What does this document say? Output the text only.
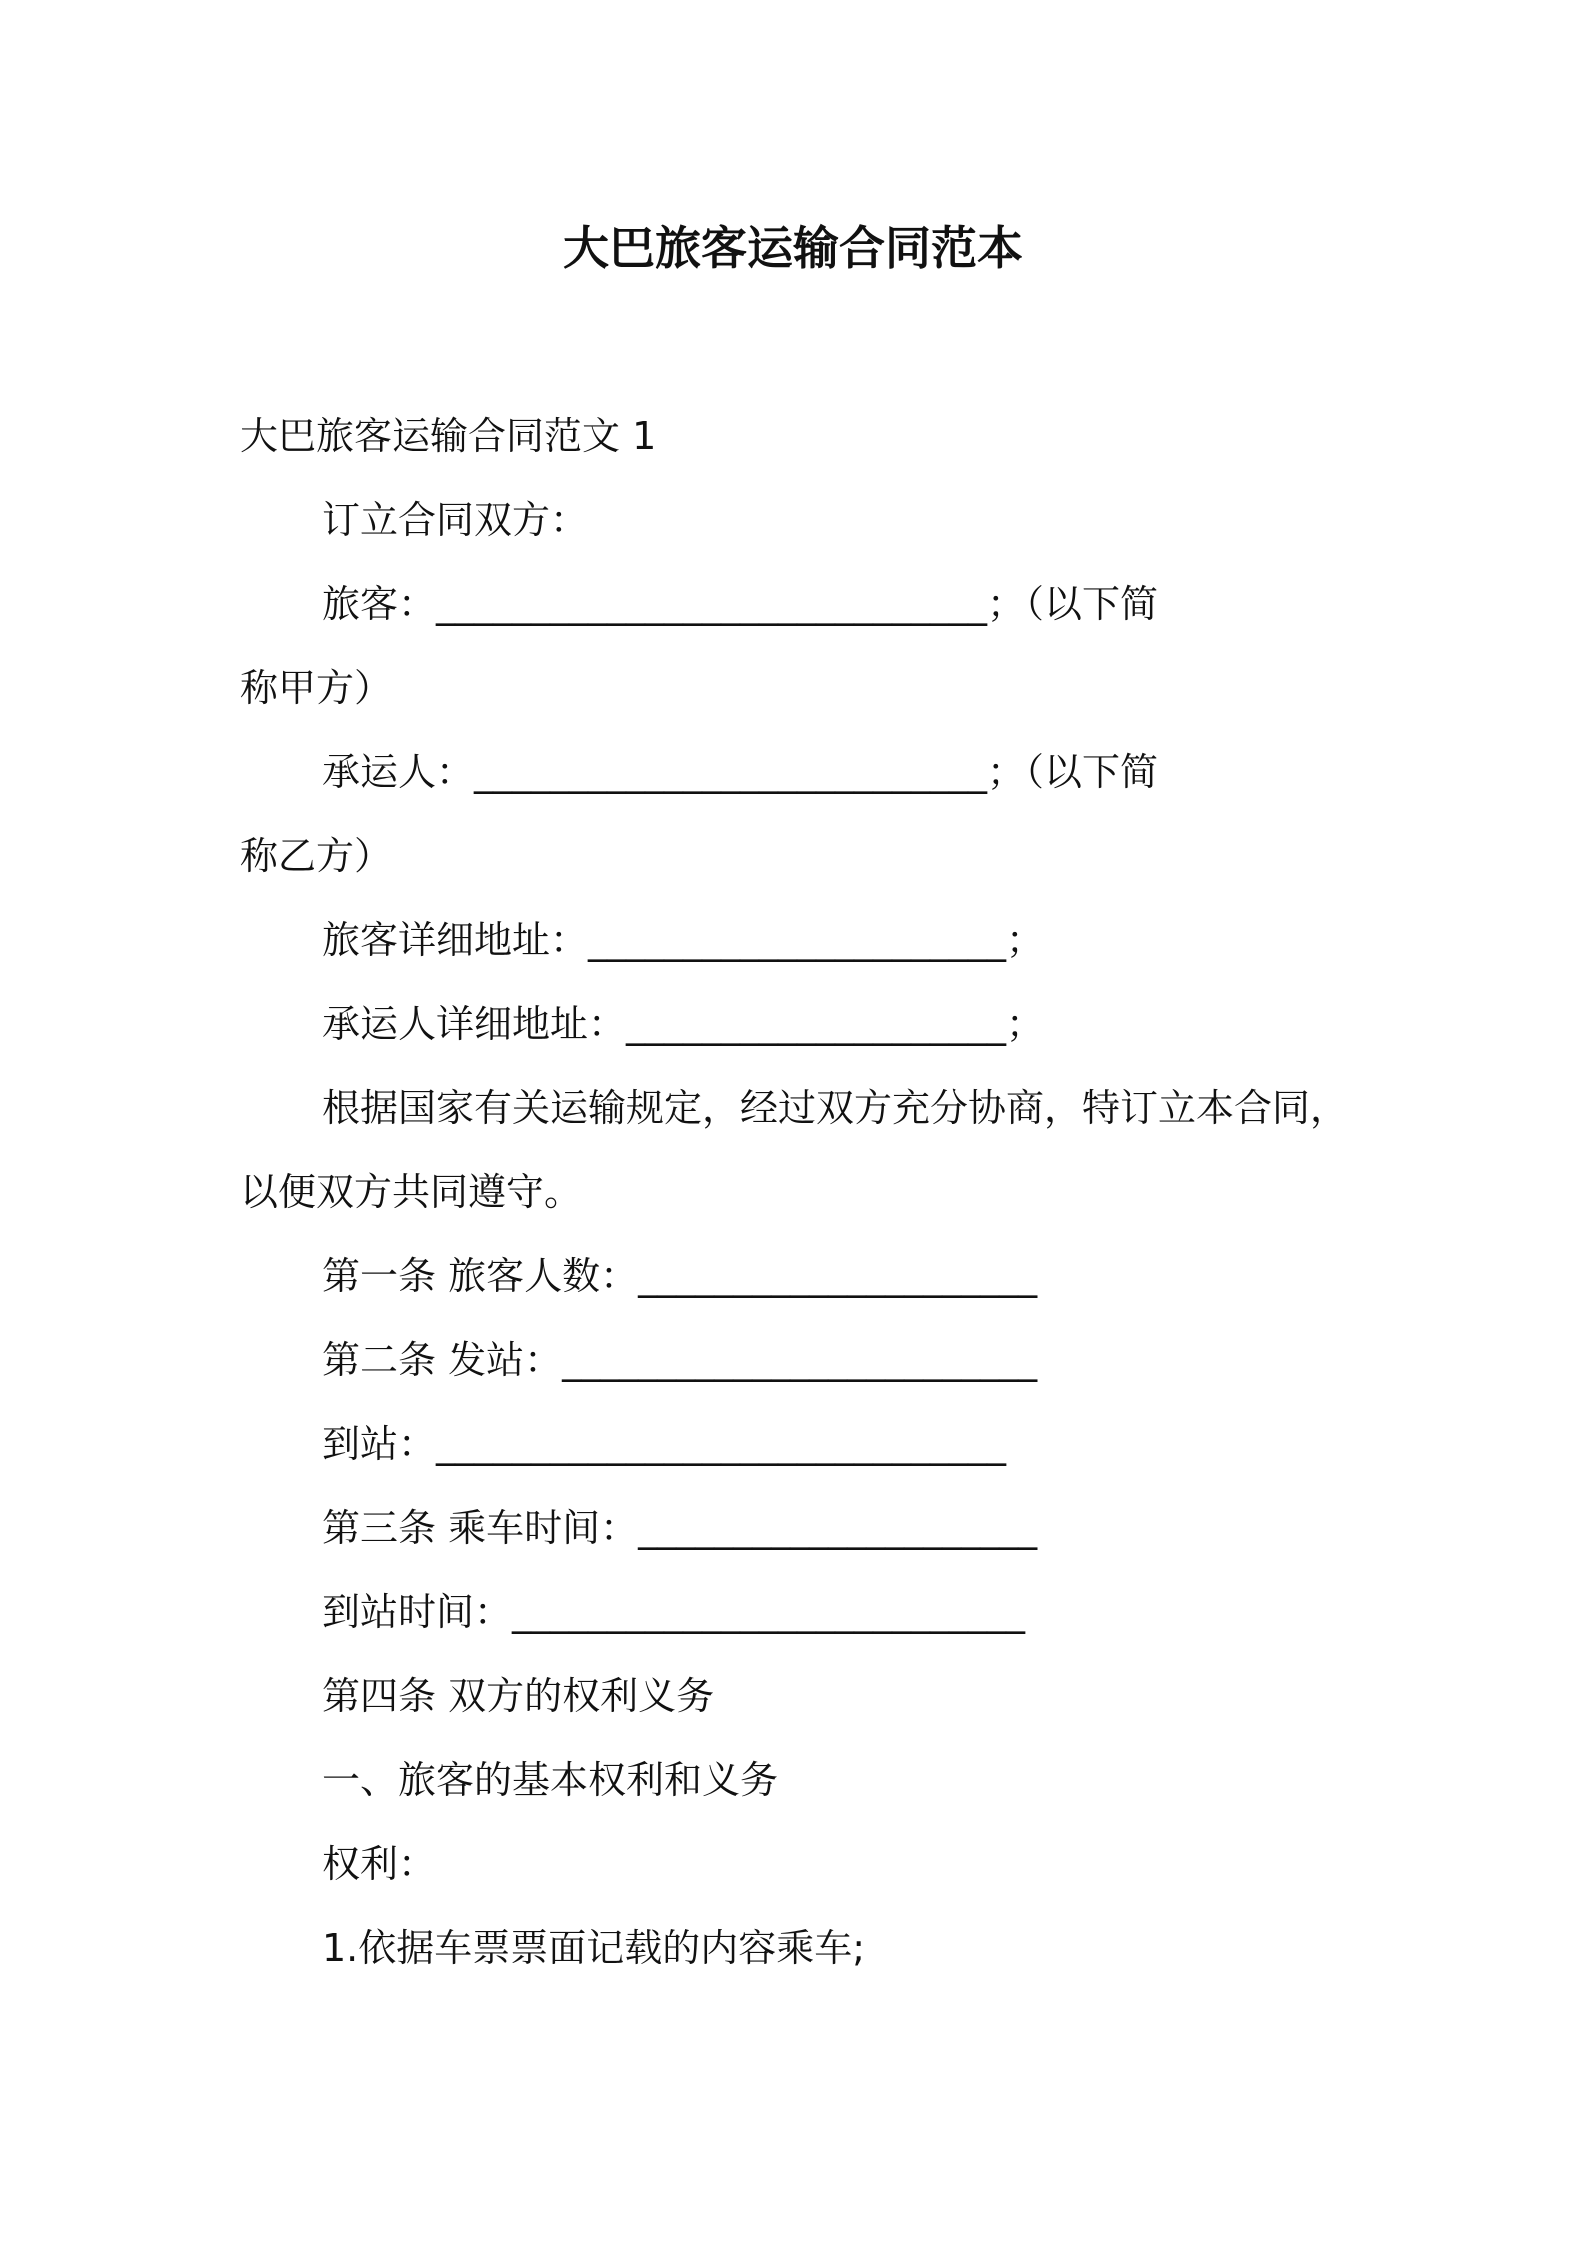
大巴旅客运输合同范本
大巴旅客运输合同范文 1
订立合同双方：
旅客：_____________________________；（以下简
称甲方）
承运人：___________________________；（以下简
称乙方）
旅客详细地址：______________________；
承运人详细地址：____________________；
根据国家有关运输规定，经过双方充分协商，特订立本合同，
以便双方共同遵守。
第一条 旅客人数：_____________________
第二条 发站：_________________________
到站：______________________________
第三条 乘车时间：_____________________
到站时间：___________________________
第四条 双方的权利义务
一、旅客的基本权利和义务
权利：
1.依据车票票面记载的内容乘车;
